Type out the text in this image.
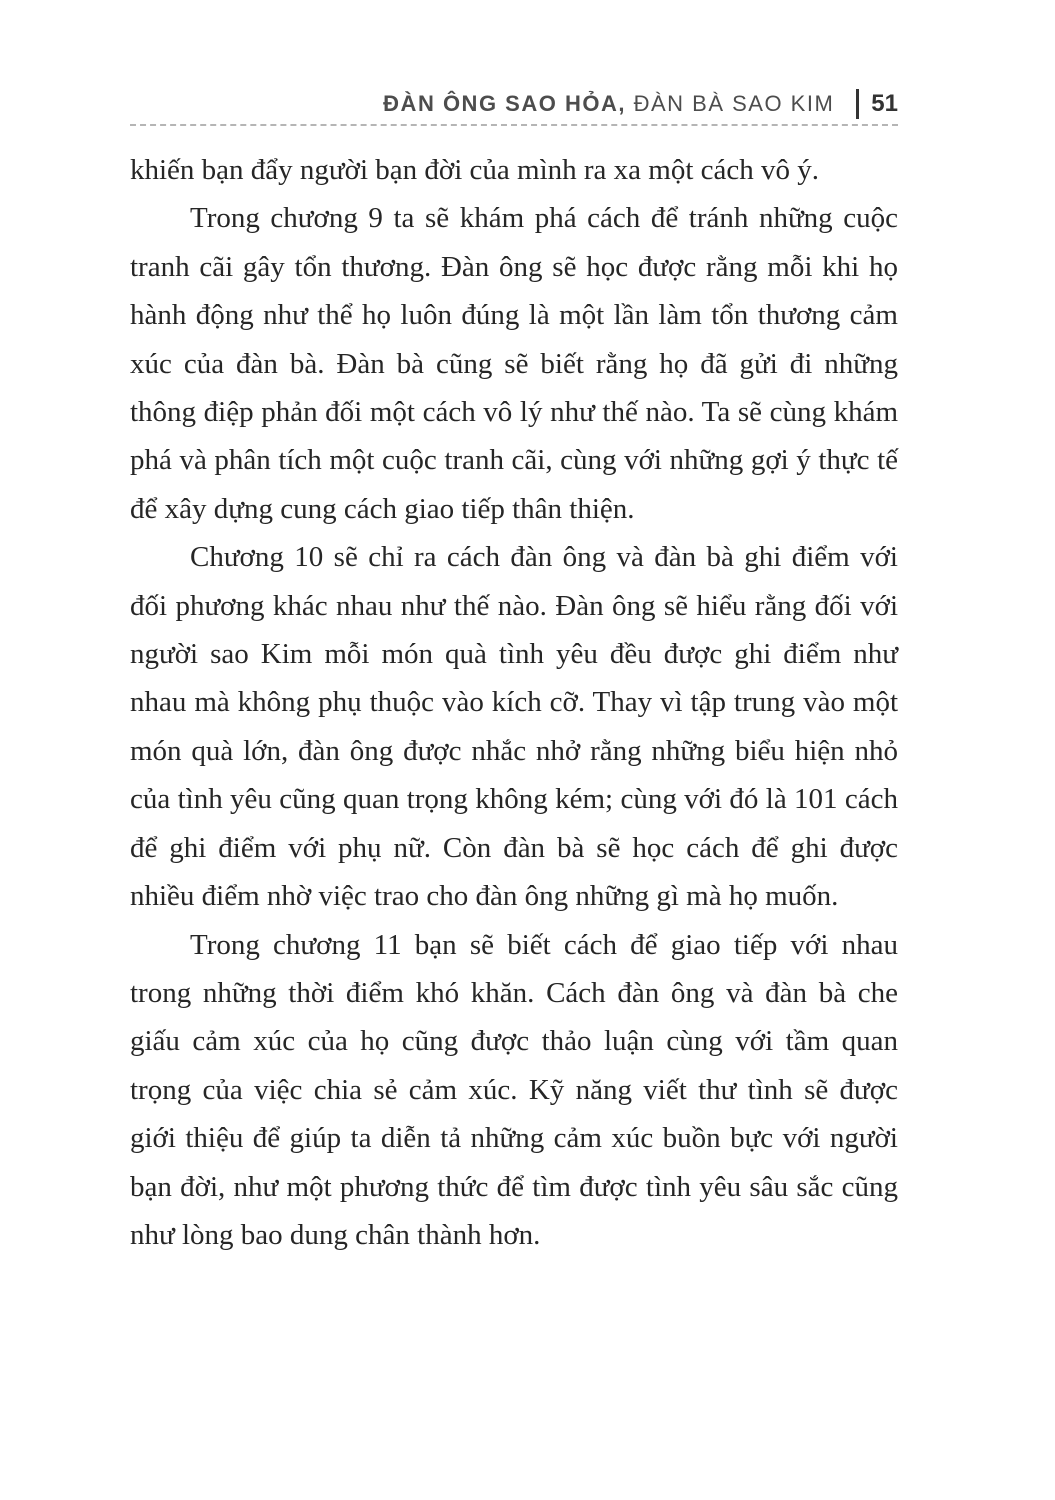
ĐÀN ÔNG SAO HỎA, ĐÀN BÀ SAO KIM 51

khiến bạn đẩy người bạn đời của mình ra xa một cách vô ý.

Trong chương 9 ta sẽ khám phá cách để tránh những cuộc tranh cãi gây tổn thương. Đàn ông sẽ học được rằng mỗi khi họ hành động như thể họ luôn đúng là một lần làm tổn thương cảm xúc của đàn bà. Đàn bà cũng sẽ biết rằng họ đã gửi đi những thông điệp phản đối một cách vô lý như thế nào. Ta sẽ cùng khám phá và phân tích một cuộc tranh cãi, cùng với những gợi ý thực tế để xây dựng cung cách giao tiếp thân thiện.

Chương 10 sẽ chỉ ra cách đàn ông và đàn bà ghi điểm với đối phương khác nhau như thế nào. Đàn ông sẽ hiểu rằng đối với người sao Kim mỗi món quà tình yêu đều được ghi điểm như nhau mà không phụ thuộc vào kích cỡ. Thay vì tập trung vào một món quà lớn, đàn ông được nhắc nhở rằng những biểu hiện nhỏ của tình yêu cũng quan trọng không kém; cùng với đó là 101 cách để ghi điểm với phụ nữ. Còn đàn bà sẽ học cách để ghi được nhiều điểm nhờ việc trao cho đàn ông những gì mà họ muốn.

Trong chương 11 bạn sẽ biết cách để giao tiếp với nhau trong những thời điểm khó khăn. Cách đàn ông và đàn bà che giấu cảm xúc của họ cũng được thảo luận cùng với tầm quan trọng của việc chia sẻ cảm xúc. Kỹ năng viết thư tình sẽ được giới thiệu để giúp ta diễn tả những cảm xúc buồn bực với người bạn đời, như một phương thức để tìm được tình yêu sâu sắc cũng như lòng bao dung chân thành hơn.
